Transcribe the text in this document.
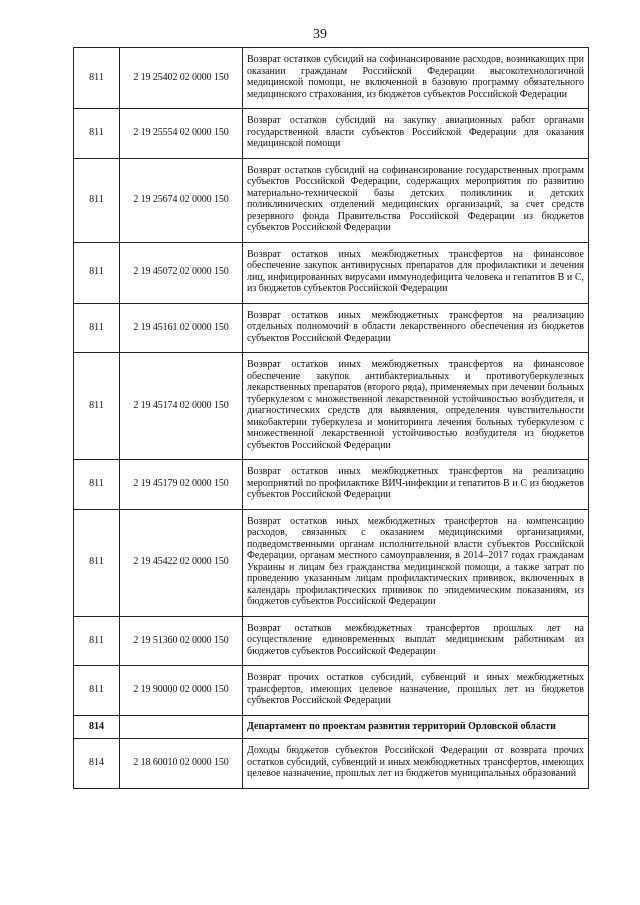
39
811	2 19 25402 02 0000 150	Возврат остатков субсидий на софинансирование расходов, возникающих при оказании гражданам Российской Федерации высокотехнологичной медицинской помощи, не включенной в базовую программу обязательного медицинского страхования, из бюджетов субъектов Российской Федерации
811	2 19 25554 02 0000 150	Возврат остатков субсидий на закупку авиационных работ органами государственной власти субъектов Российской Федерации для оказания медицинской помощи
811	2 19 25674 02 0000 150	Возврат остатков субсидий на софинансирование государственных программ субъектов Российской Федерации, содержащих мероприятия по развитию материально-технической базы детских поликлиник и детских поликлинических отделений медицинских организаций, за счет средств резервного фонда Правительства Российской Федерации из бюджетов субъектов Российской Федерации
811	2 19 45072 02 0000 150	Возврат остатков иных межбюджетных трансфертов на финансовое обеспечение закупок антивирусных препаратов для профилактики и лечения лиц, инфицированных вирусами иммунодефицита человека и гепатитов В и С, из бюджетов субъектов Российской Федерации
811	2 19 45161 02 0000 150	Возврат остатков иных межбюджетных трансфертов на реализацию отдельных полномочий в области лекарственного обеспечения из бюджетов субъектов Российской Федерации
811	2 19 45174 02 0000 150	Возврат остатков иных межбюджетных трансфертов на финансовое обеспечение закупок антибактериальных и противотуберкулезных лекарственных препаратов (второго ряда), применяемых при лечении больных туберкулезом с множественной лекарственной устойчивостью возбудителя, и диагностических средств для выявления, определения чувствительности микобактерии туберкулеза и мониторинга лечения больных туберкулезом с множественной лекарственной устойчивостью возбудителя из бюджетов субъектов Российской Федерации
811	2 19 45179 02 0000 150	Возврат остатков иных межбюджетных трансфертов на реализацию мероприятий по профилактике ВИЧ-инфекции и гепатитов В и С из бюджетов субъектов Российской Федерации
811	2 19 45422 02 0000 150	Возврат остатков иных межбюджетных трансфертов на компенсацию расходов, связанных с оказанием медицинскими организациями, подведомственными органам исполнительной власти субъектов Российской Федерации, органам местного самоуправления, в 2014–2017 годах гражданам Украины и лицам без гражданства медицинской помощи, а также затрат по проведению указанным лицам профилактических прививок, включенных в календарь профилактических прививок по эпидемическим показаниям, из бюджетов субъектов Российской Федерации
811	2 19 51360 02 0000 150	Возврат остатков межбюджетных трансфертов прошлых лет на осуществление единовременных выплат медицинским работникам из бюджетов субъектов Российской Федерации
811	2 19 90000 02 0000 150	Возврат прочих остатков субсидий, субвенций и иных межбюджетных трансфертов, имеющих целевое назначение, прошлых лет из бюджетов субъектов Российской Федерации
814		Департамент по проектам развития территорий Орловской области
814	2 18 60010 02 0000 150	Доходы бюджетов субъектов Российской Федерации от возврата прочих остатков субсидий, субвенций и иных межбюджетных трансфертов, имеющих целевое назначение, прошлых лет из бюджетов муниципальных образований
